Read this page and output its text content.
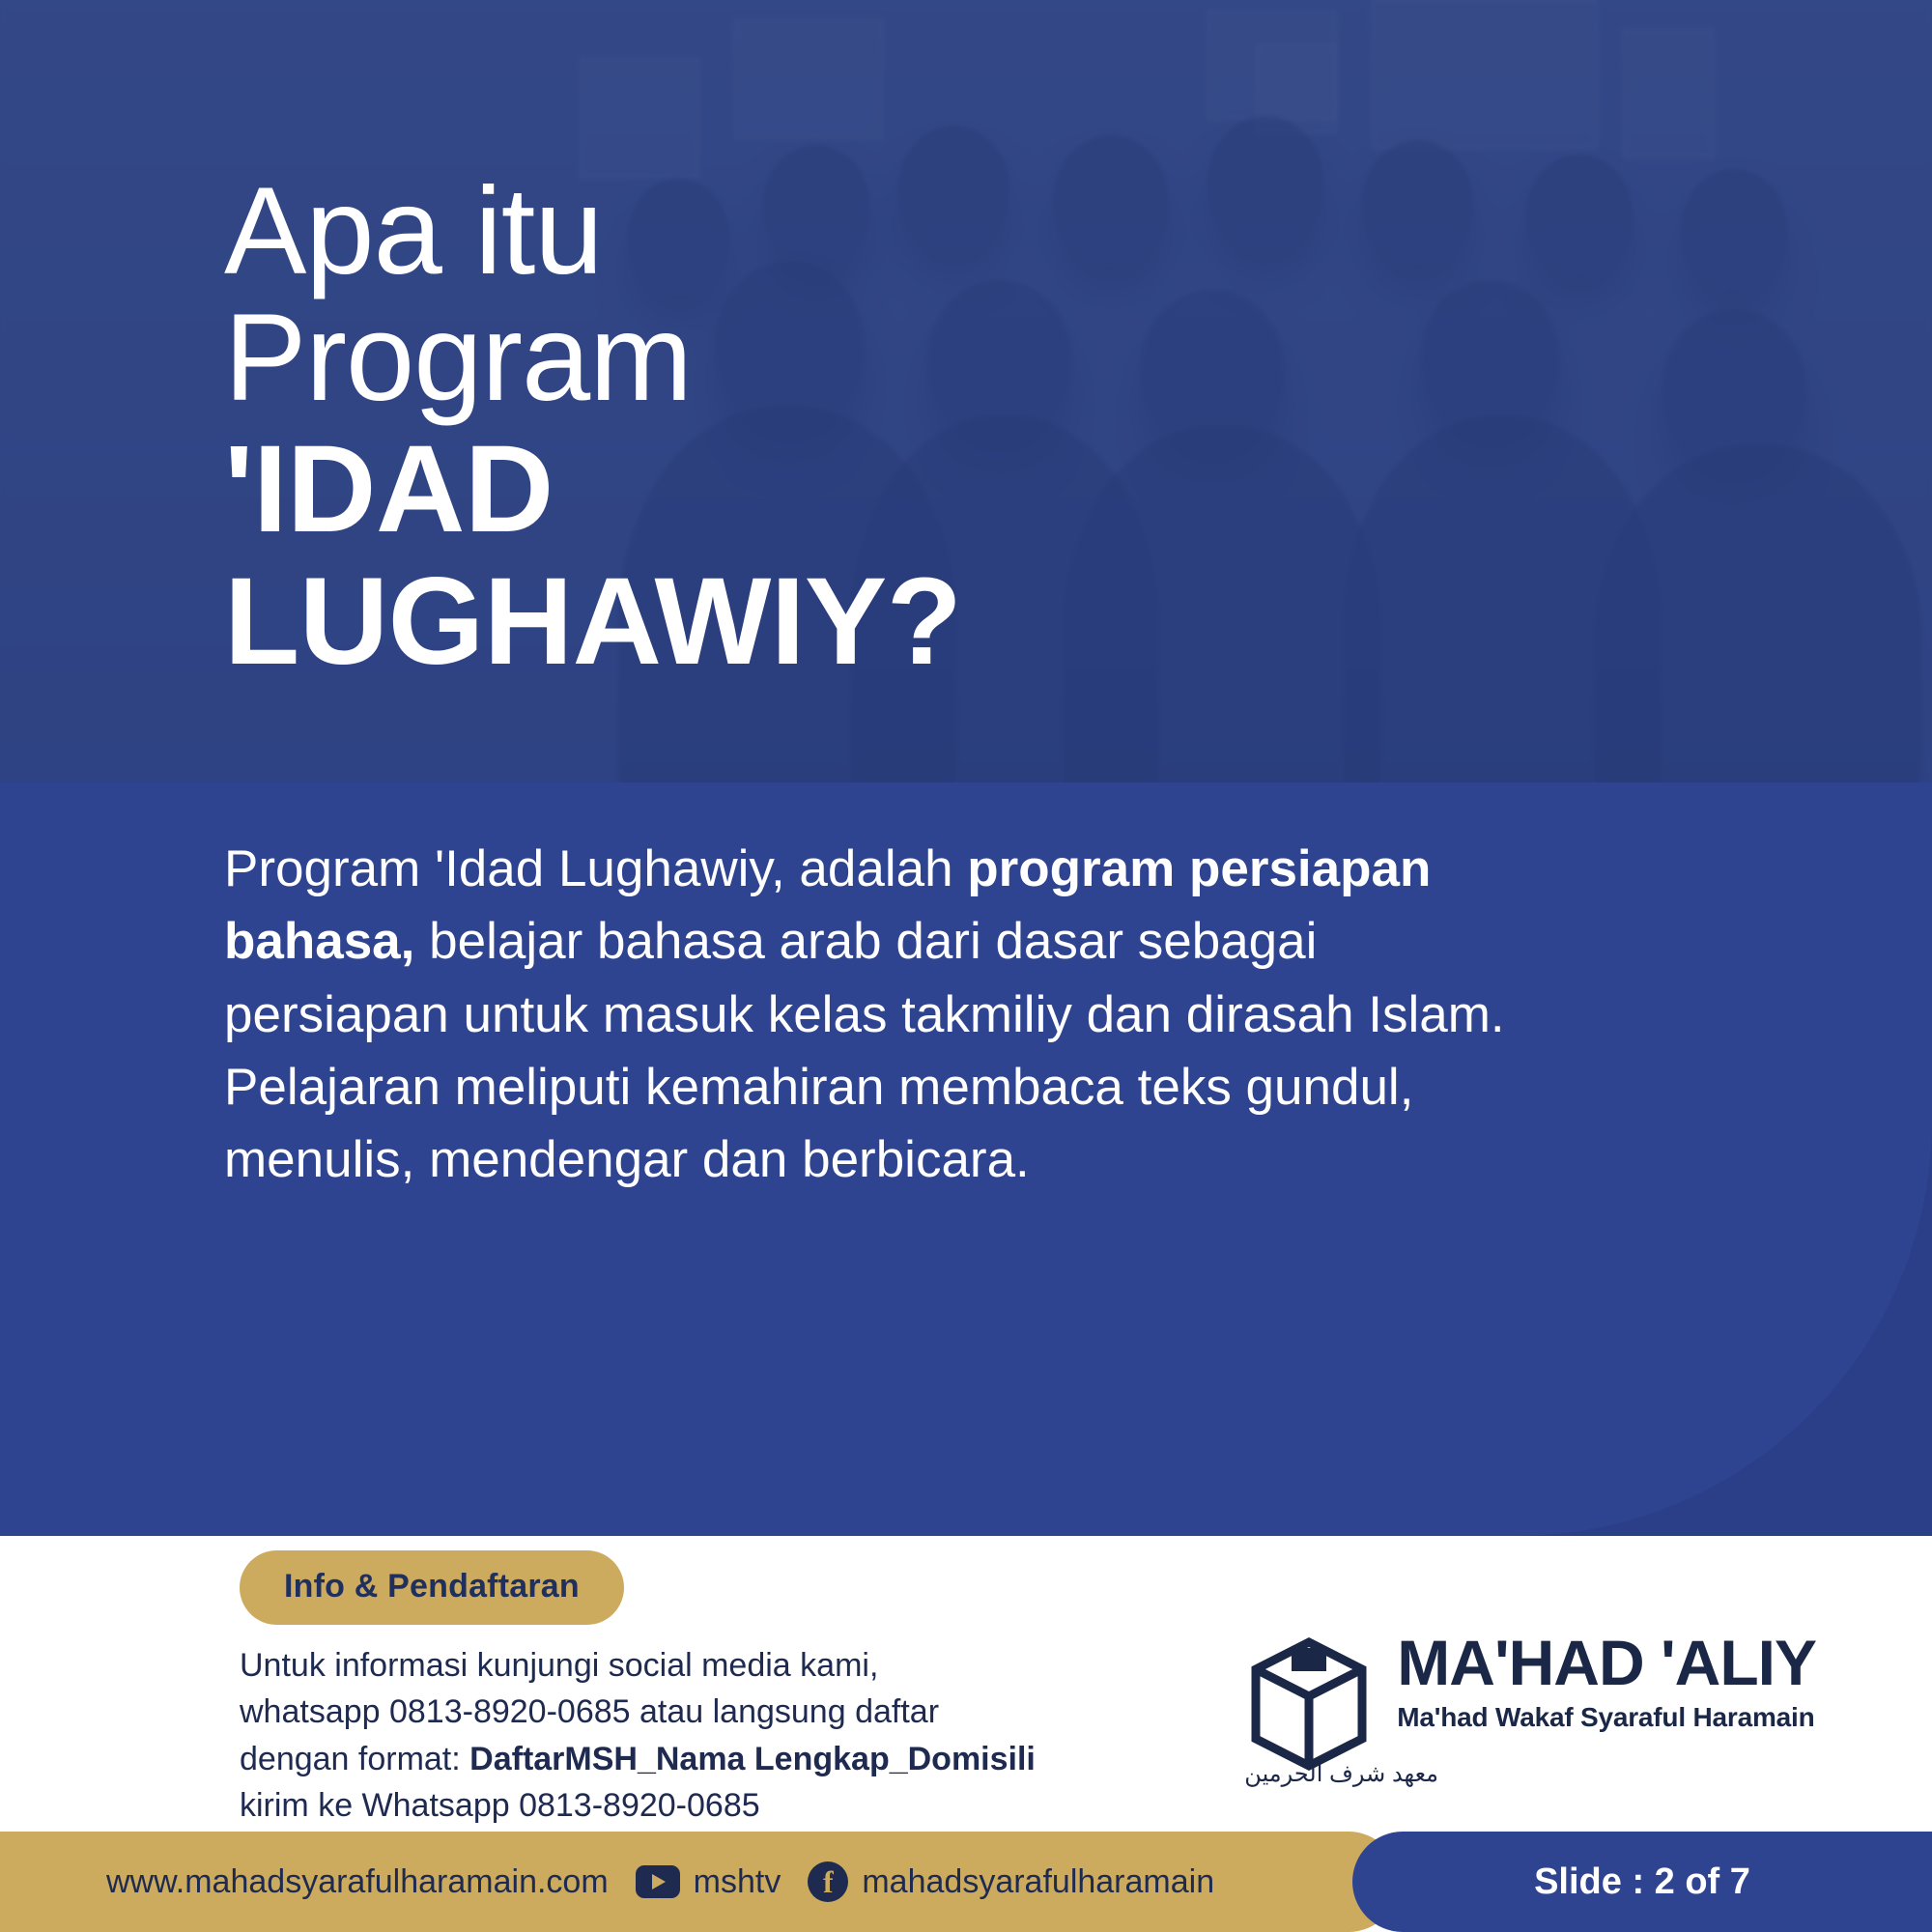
Apa itu
Program
'IDAD
LUGHAWIY?
Program 'Idad Lughawiy, adalah program persiapan bahasa, belajar bahasa arab dari dasar sebagai persiapan untuk masuk kelas takmiliy dan dirasah Islam. Pelajaran meliputi kemahiran membaca teks gundul, menulis, mendengar dan berbicara.
Info & Pendaftaran
Untuk informasi kunjungi social media kami,
whatsapp 0813-8920-0685 atau langsung daftar
dengan format: DaftarMSH_Nama Lengkap_Domisili
kirim ke Whatsapp 0813-8920-0685
MA'HAD 'ALIY
Ma'had Wakaf Syaraful Haramain
معهد شرف الحرمين
www.mahadsyarafulharamain.com	mshtv	f mahadsyarafulharamain	Slide : 2 of 7
